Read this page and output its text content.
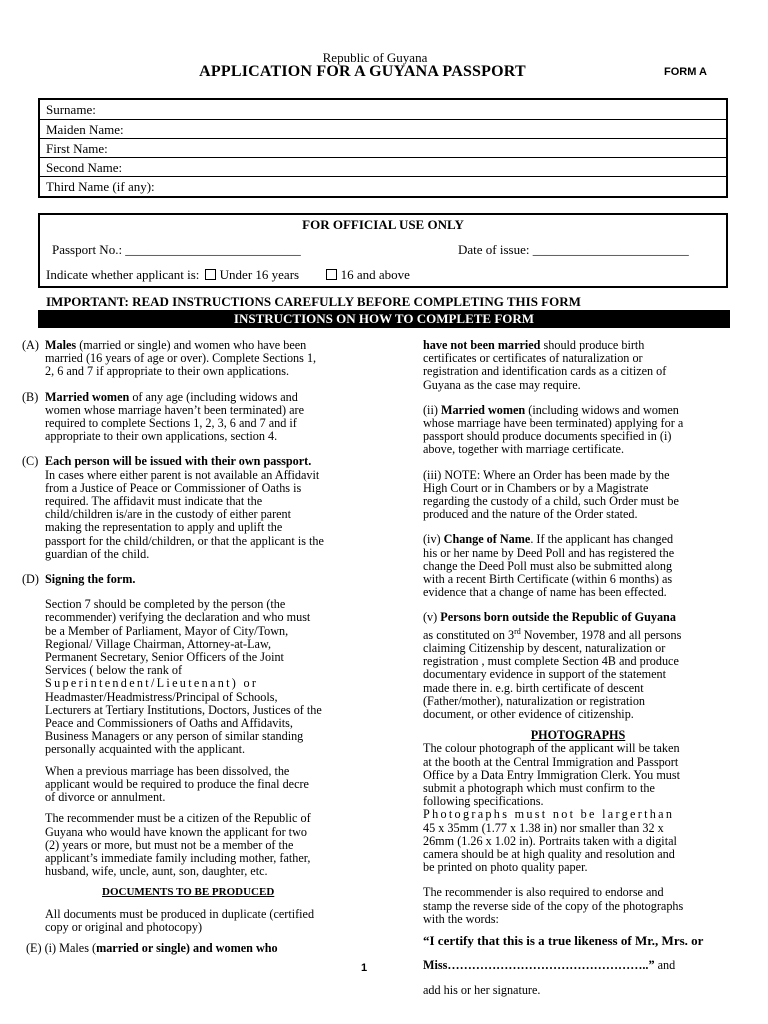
Republic of Guyana
APPLICATION FOR A GUYANA PASSPORT	FORM A
Surname:
Maiden Name:
First Name:
Second Name:
Third Name (if any):
FOR OFFICIAL USE ONLY
Passport No.: ___________________________	Date of issue: ________________________
Indicate whether applicant is: Under 16 years	16 and above
IMPORTANT: READ INSTRUCTIONS CAREFULLY BEFORE COMPLETING THIS FORM
INSTRUCTIONS ON HOW TO COMPLETE FORM

(A) Males (married or single) and women who have been

married (16 years of age or over). Complete Sections 1,

2, 6 and 7 if appropriate to their own applications.

(B) Married women of any age (including widows and

women whose marriage haven’t been terminated) are

required to complete Sections 1, 2, 3, 6 and 7 and if

appropriate to their own applications, section 4.

(C) Each person will be issued with their own passport.

In cases where either parent is not available an Affidavit

from a Justice of Peace or Commissioner of Oaths is

required. The affidavit must indicate that the

child/children is/are in the custody of either parent

making the representation to apply and uplift the

passport for the child/children, or that the applicant is the

guardian of the child.

(D) Signing the form.

Section 7 should be completed by the person (the

recommender) verifying the declaration and who must

be a Member of Parliament, Mayor of City/Town,

Regional/ Village Chairman, Attorney-at-Law,

Permanent Secretary, Senior Officers of the Joint

Services ( below the rank of

Superintendent/Lieutenant) or

Headmaster/Headmistress/Principal of Schools,

Lecturers at Tertiary Institutions, Doctors, Justices of the

Peace and Commissioners of Oaths and Affidavits,

Business Managers or any person of similar standing

personally acquainted with the applicant.

When a previous marriage has been dissolved, the

applicant would be required to produce the final decre

of divorce or annulment.

The recommender must be a citizen of the Republic of

Guyana who would have known the applicant for two

(2) years or more, but must not be a member of the

applicant’s immediate family including mother, father,

husband, wife, uncle, aunt, son, daughter, etc.

DOCUMENTS TO BE PRODUCED

All documents must be produced in duplicate (certified

copy or original and photocopy)

(E) (i) Males (married or single) and women who

have not been married should produce birth

certificates or certificates of naturalization or

registration and identification cards as a citizen of

Guyana as the case may require.

(ii) Married women (including widows and women

whose marriage have been terminated) applying for a

passport should produce documents specified in (i)

above, together with marriage certificate.

(iii) NOTE: Where an Order has been made by the

High Court or in Chambers or by a Magistrate

regarding the custody of a child, such Order must be

produced and the nature of the Order stated.

(iv) Change of Name. If the applicant has changed

his or her name by Deed Poll and has registered the

change the Deed Poll must also be submitted along

with a recent Birth Certificate (within 6 months) as

evidence that a change of name has been effected.

(v) Persons born outside the Republic of Guyana

as constituted on 3rd November, 1978 and all persons

claiming Citizenship by descent, naturalization or

registration , must complete Section 4B and produce

documentary evidence in support of the statement

made there in. e.g. birth certificate of descent

(Father/mother), naturalization or registration

document, or other evidence of citizenship.

PHOTOGRAPHS

The colour photograph of the applicant will be taken

at the booth at the Central Immigration and Passport

Office by a Data Entry Immigration Clerk. You must

submit a photograph which must confirm to the

following specifications.

Photographs must not be largerthan

45 x 35mm (1.77 x 1.38 in) nor smaller than 32 x

26mm (1.26 x 1.02 in). Portraits taken with a digital

camera should be at high quality and resolution and

be printed on photo quality paper.

The recommender is also required to endorse and

stamp the reverse side of the copy of the photographs

with the words:

“I certify that this is a true likeness of Mr., Mrs. or

Miss…………………………………………..” and

add his or her signature.

1
